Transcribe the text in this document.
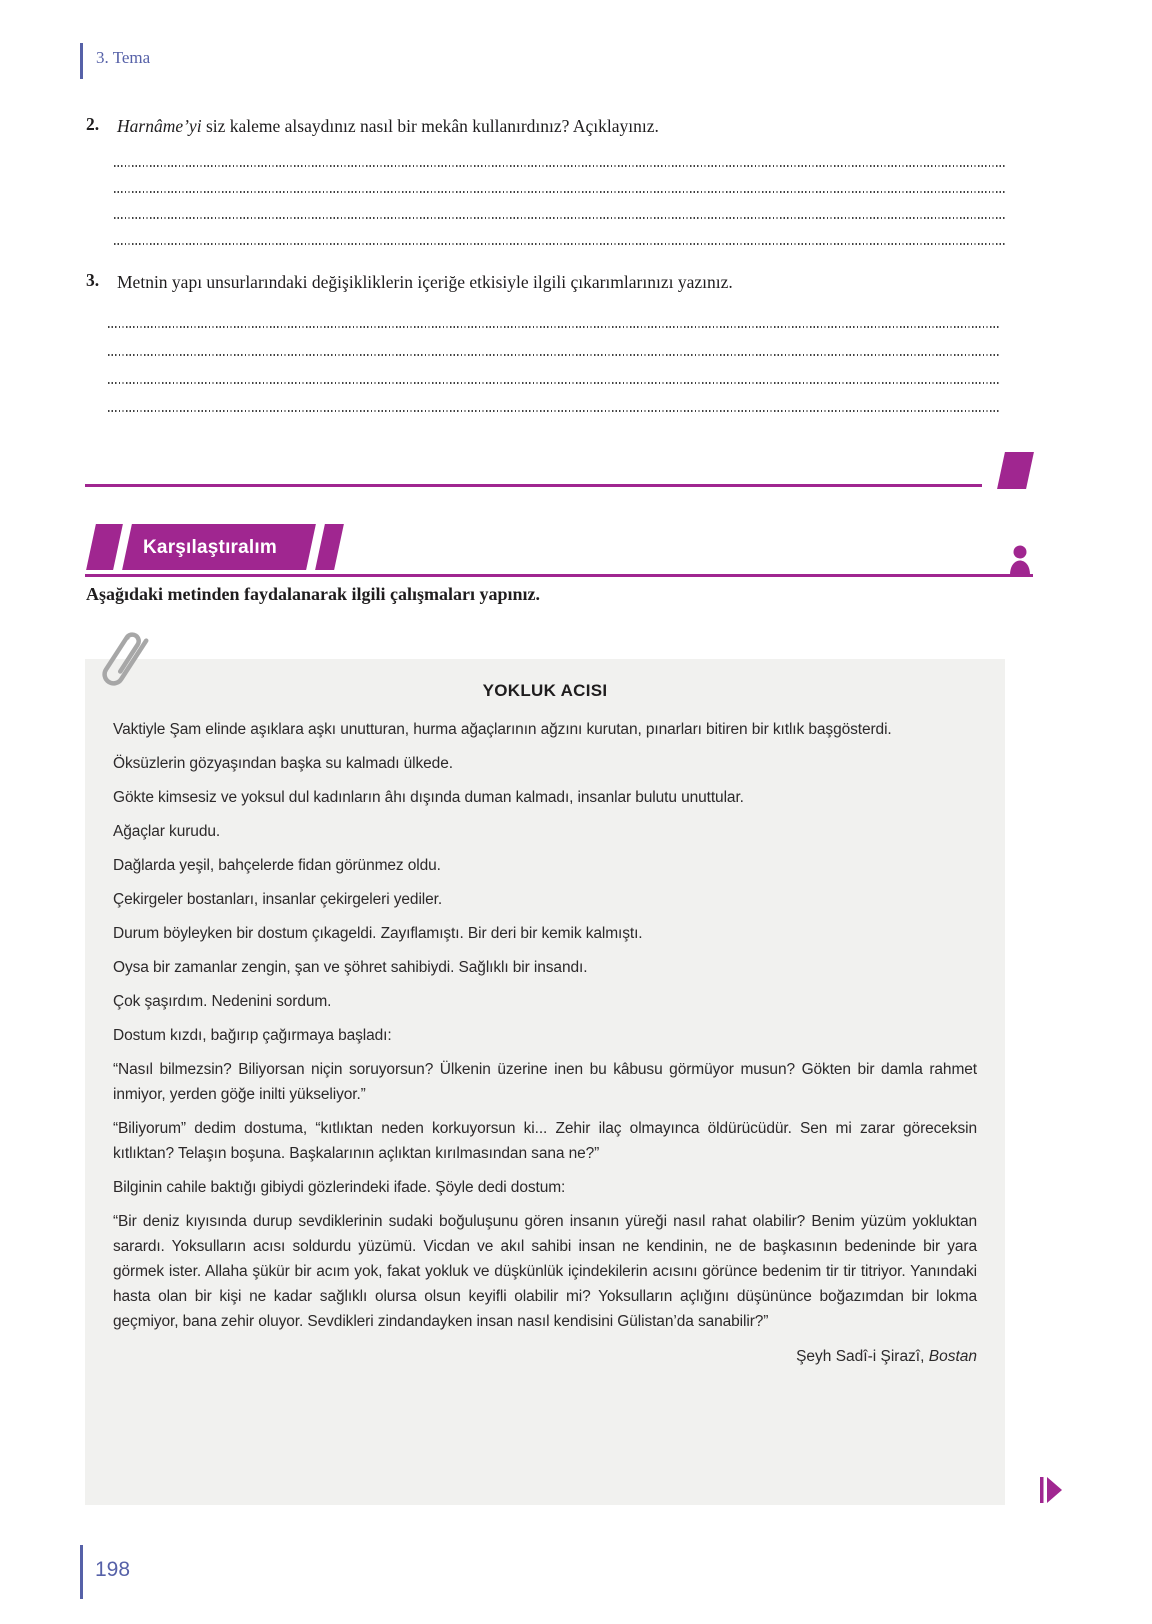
3. Tema
2. Harnâme’yi siz kaleme alsaydınız nasıl bir mekân kullanırdınız? Açıklayınız.
3. Metnin yapı unsurlarındaki değişikliklerin içeriğe etkisiyle ilgili çıkarımlarınızı yazınız.
Karşılaştıralım
Aşağıdaki metinden faydalanarak ilgili çalışmaları yapınız.
YOKLUK ACISI

Vaktiyle Şam elinde aşıklara aşkı unutturan, hurma ağaçlarının ağzını kurutan, pınarları bitiren bir kıtlık başgösterdi.

Öksüzlerin gözyaşından başka su kalmadı ülkede.

Gökte kimsesiz ve yoksul dul kadınların âhı dışında duman kalmadı, insanlar bulutu unuttular.

Ağaçlar kurudu.

Dağlarda yeşil, bahçelerde fidan görünmez oldu.

Çekirgeler bostanları, insanlar çekirgeleri yediler.

Durum böyleyken bir dostum çıkageldi. Zayıflamıştı. Bir deri bir kemik kalmıştı.

Oysa bir zamanlar zengin, şan ve şöhret sahibiydi. Sağlıklı bir insandı.

Çok şaşırdım. Nedenini sordum.

Dostum kızdı, bağırıp çağırmaya başladı:

“Nasıl bilmezsin? Biliyorsan niçin soruyorsun? Ülkenin üzerine inen bu kâbusu görmüyor musun? Gökten bir damla rahmet inmiyor, yerden göğe inilti yükseliyor.”

“Biliyorum” dedim dostuma, “kıtlıktan neden korkuyorsun ki... Zehir ilaç olmayınca öldürücüdür. Sen mi zarar göreceksin kıtlıktan? Telaşın boşuna. Başkalarının açlıktan kırılmasından sana ne?”

Bilginin cahile baktığı gibiydi gözlerindeki ifade. Şöyle dedi dostum:

“Bir deniz kıyısında durup sevdiklerinin sudaki boğuluşunu gören insanın yüreği nasıl rahat olabilir? Benim yüzüm yokluktan sarardı. Yoksulların acısı soldurdu yüzümü. Vicdan ve akıl sahibi insan ne kendinin, ne de başkasının bedeninde bir yara görmek ister. Allaha şükür bir acım yok, fakat yokluk ve düşkünlük içindekilerin acısını görünce bedenim tir tir titriyor. Yanındaki hasta olan bir kişi ne kadar sağlıklı olursa olsun keyifli olabilir mi? Yoksulların açlığını düşününce boğazımdan bir lokma geçmiyor, bana zehir oluyor. Sevdikleri zindandayken insan nasıl kendisini Gülistan’da sanabilir?”

Şeyh Sadî-i Şirazî, Bostan
198
